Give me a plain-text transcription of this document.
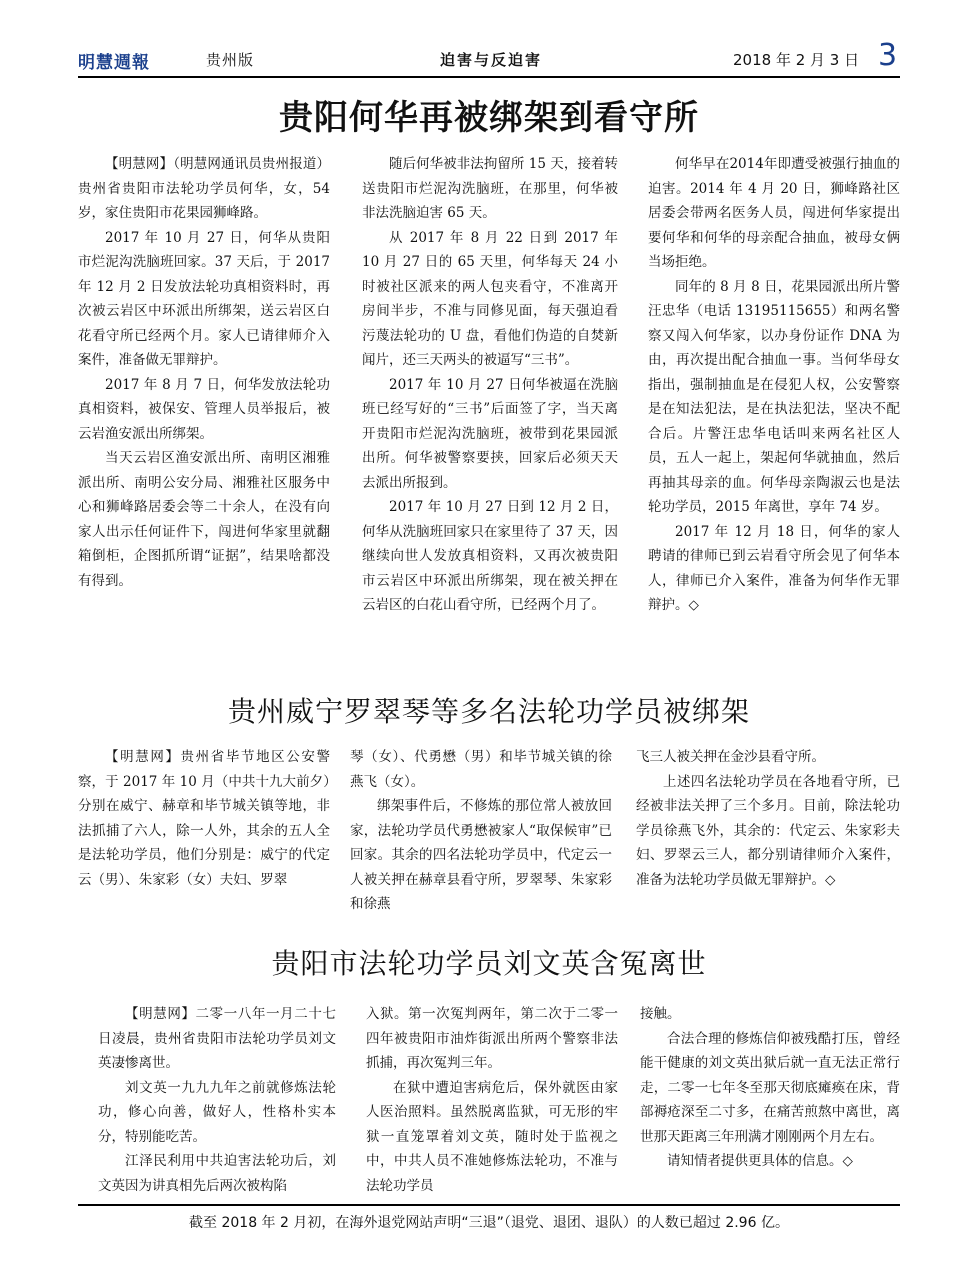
明慧週報	贵州版	迫害与反迫害	2018 年 2 月 3 日 3
贵阳何华再被绑架到看守所

【明慧网】（明慧网通讯员贵州报道）贵州省贵阳市法轮功学员何华，女，54 岁，家住贵阳市花果园狮峰路。

2017 年 10 月 27 日，何华从贵阳市烂泥沟洗脑班回家。37 天后，于 2017 年 12 月 2 日发放法轮功真相资料时，再次被云岩区中环派出所绑架，送云岩区白花看守所已经两个月。家人已请律师介入案件，准备做无罪辩护。

2017 年 8 月 7 日，何华发放法轮功真相资料，被保安、管理人员举报后，被云岩渔安派出所绑架。

当天云岩区渔安派出所、南明区湘雅派出所、南明公安分局、湘雅社区服务中心和狮峰路居委会等二十余人，在没有向家人出示任何证件下，闯进何华家里就翻箱倒柜，企图抓所谓“证据”，结果啥都没有得到。

随后何华被非法拘留所 15 天，接着转送贵阳市烂泥沟洗脑班，在那里，何华被非法洗脑迫害 65 天。

从 2017 年 8 月 22 日到 2017 年 10 月 27 日的 65 天里，何华每天 24 小时被社区派来的两人包夹看守，不准离开房间半步，不准与同修见面，每天强迫看污蔑法轮功的 U 盘，看他们伪造的自焚新闻片，还三天两头的被逼写“三书”。

2017 年 10 月 27 日何华被逼在洗脑班已经写好的“三书”后面签了字，当天离开贵阳市烂泥沟洗脑班，被带到花果园派出所。何华被警察要挟，回家后必须天天去派出所报到。

2017 年 10 月 27 日到 12 月 2 日，何华从洗脑班回家只在家里待了 37 天，因继续向世人发放真相资料，又再次被贵阳市云岩区中环派出所绑架，现在被关押在云岩区的白花山看守所，已经两个月了。

何华早在2014年即遭受被强行抽血的迫害。2014 年 4 月 20 日，狮峰路社区居委会带两名医务人员，闯进何华家提出要何华和何华的母亲配合抽血，被母女俩当场拒绝。

同年的 8 月 8 日，花果园派出所片警汪忠华（电话 13195115655）和两名警察又闯入何华家，以办身份证作 DNA 为由，再次提出配合抽血一事。当何华母女指出，强制抽血是在侵犯人权，公安警察是在知法犯法，是在执法犯法，坚决不配合后。片警汪忠华电话叫来两名社区人员，五人一起上，架起何华就抽血，然后再抽其母亲的血。何华母亲陶淑云也是法轮功学员，2015 年离世，享年 74 岁。

2017 年 12 月 18 日，何华的家人聘请的律师已到云岩看守所会见了何华本人，律师已介入案件，准备为何华作无罪辩护。◇

贵州威宁罗翠琴等多名法轮功学员被绑架

【明慧网】贵州省毕节地区公安警察，于 2017 年 10 月（中共十九大前夕）分别在威宁、赫章和毕节城关镇等地，非法抓捕了六人，除一人外，其余的五人全是法轮功学员，他们分别是：威宁的代定云（男）、朱家彩（女）夫妇、罗翠

琴（女）、代勇懋（男）和毕节城关镇的徐燕飞（女）。

绑架事件后，不修炼的那位常人被放回家，法轮功学员代勇懋被家人“取保候审”已回家。其余的四名法轮功学员中，代定云一人被关押在赫章县看守所，罗翠琴、朱家彩和徐燕

飞三人被关押在金沙县看守所。

上述四名法轮功学员在各地看守所，已经被非法关押了三个多月。目前，除法轮功学员徐燕飞外，其余的：代定云、朱家彩夫妇、罗翠云三人，都分别请律师介入案件，准备为法轮功学员做无罪辩护。◇

贵阳市法轮功学员刘文英含冤离世

【明慧网】二零一八年一月二十七日凌晨，贵州省贵阳市法轮功学员刘文英凄惨离世。

刘文英一九九九年之前就修炼法轮功，修心向善，做好人，性格朴实本分，特别能吃苦。

江泽民利用中共迫害法轮功后，刘文英因为讲真相先后两次被构陷

入狱。第一次冤判两年，第二次于二零一四年被贵阳市油炸街派出所两个警察非法抓捕，再次冤判三年。

在狱中遭迫害病危后，保外就医由家人医治照料。虽然脱离监狱，可无形的牢狱一直笼罩着刘文英，随时处于监视之中，中共人员不准她修炼法轮功，不准与法轮功学员

接触。

合法合理的修炼信仰被残酷打压，曾经能干健康的刘文英出狱后就一直无法正常行走，二零一七年冬至那天彻底瘫痪在床，背部褥疮深至二寸多，在痛苦煎熬中离世，离世那天距离三年刑满才刚刚两个月左右。

请知情者提供更具体的信息。◇

截至 2018 年 2 月初，在海外退党网站声明“三退”（退党、退团、退队）的人数已超过 2.96 亿。
